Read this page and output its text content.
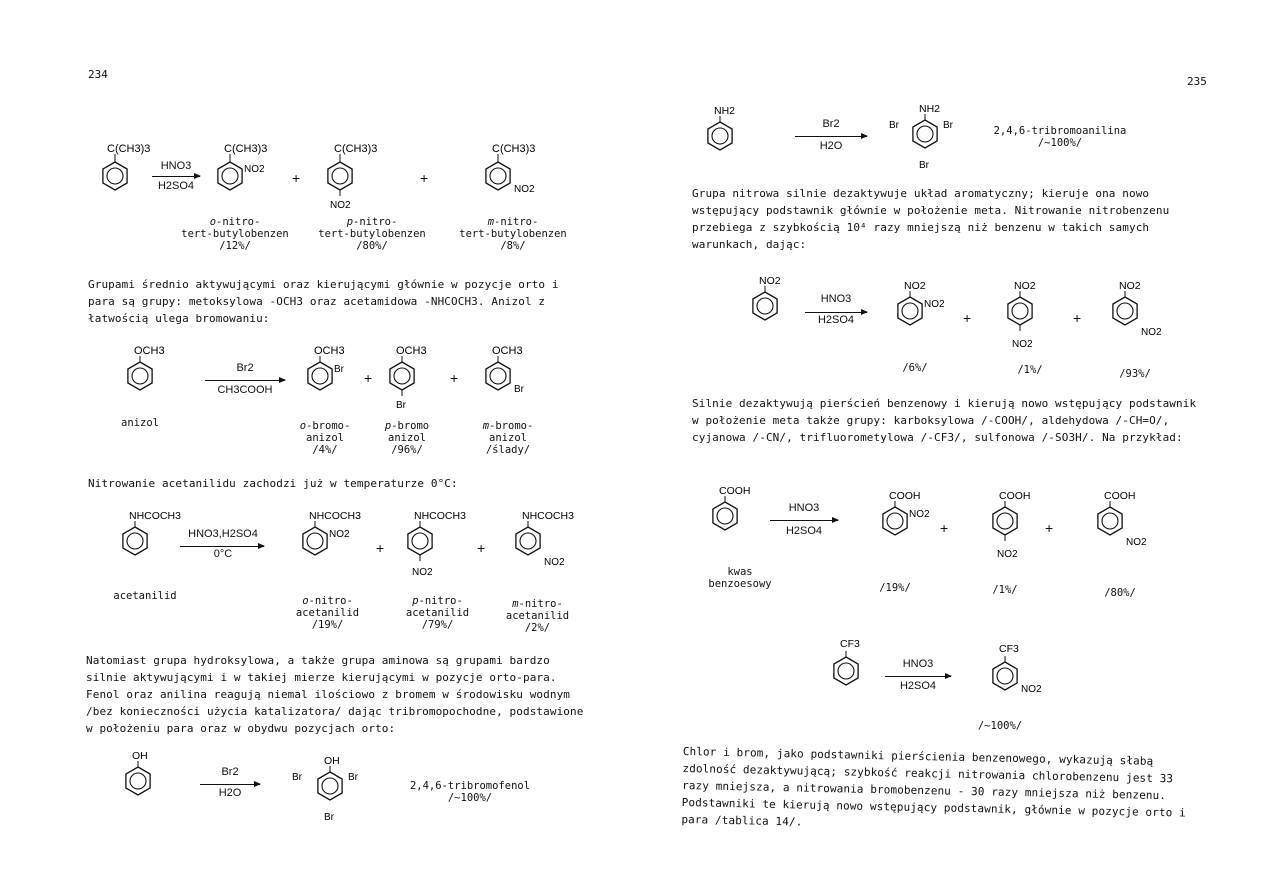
234
C(CH3)3
HNO3
H2SO4
C(CH3)3
NO2
+
C(CH3)3
NO2
+
C(CH3)3
NO2
o-nitro-
tert-butylobenzen
/12%/
p-nitro-
tert-butylobenzen
/80%/
m-nitro-
tert-butylobenzen
/8%/
Grupami średnio aktywującymi oraz kierującymi głównie w pozycje orto i para są grupy: metoksylowa -OCH3 oraz acetamidowa -NHCOCH3. Anizol z łatwością ulega bromowaniu:
OCH3
anizol
Br2
CH3COOH
OCH3
Br
+
OCH3
Br
+
OCH3
Br
o-bromo-
anizol
/4%/
p-bromo
anizol
/96%/
m-bromo-
anizol
/ślady/
Nitrowanie acetanilidu zachodzi już w temperaturze 0°C:
NHCOCH3
acetanilid
HNO3,H2SO4
0°C
NHCOCH3
NO2
+
NHCOCH3
NO2
+
NHCOCH3
NO2
o-nitro-
acetanilid
/19%/
p-nitro-
acetanilid
/79%/
m-nitro-
acetanilid
/2%/
Natomiast grupa hydroksylowa, a także grupa aminowa są grupami bardzo silnie aktywującymi i w takiej mierze kierującymi w pozycje orto-para. Fenol oraz anilina reagują niemal ilościowo z bromem w środowisku wodnym /bez konieczności użycia katalizatora/ dając tribromopochodne, podstawione w położeniu para oraz w obydwu pozycjach orto:
OH
Br2
H2O
OH
Br	Br
Br
2,4,6-tribromofenol
/~100%/
235
NH2
Br2
H2O
NH2
Br	Br
Br
2,4,6-tribromoanilina
/~100%/
Grupa nitrowa silnie dezaktywuje układ aromatyczny; kieruje ona nowo wstępujący podstawnik głównie w położenie meta. Nitrowanie nitrobenzenu przebiega z szybkością 10⁴ razy mniejszą niż benzenu w takich samych warunkach, dając:
NO2
HNO3
H2SO4
NO2
NO2
+
NO2
NO2
+
NO2
NO2
/6%/	/1%/	/93%/
Silnie dezaktywują pierścień benzenowy i kierują nowo wstępujący podstawnik w położenie meta także grupy: karboksylowa /-COOH/, aldehydowa /-CH=O/, cyjanowa /-CN/, trifluorometylowa /-CF3/, sulfonowa /-SO3H/. Na przykład:
COOH
kwas
benzoesowy
HNO3
H2SO4
COOH
NO2
+
COOH
NO2
+
COOH
NO2
/19%/	/1%/	/80%/
CF3
HNO3
H2SO4
CF3
NO2
/~100%/
Chlor i brom, jako podstawniki pierścienia benzenowego, wykazują słabą zdolność dezaktywującą; szybkość reakcji nitrowania chlorobenzenu jest 33 razy mniejsza, a nitrowania bromobenzenu - 30 razy mniejsza niż benzenu. Podstawniki te kierują nowo wstępujący podstawnik, głównie w pozycje orto i para /tablica 14/.
